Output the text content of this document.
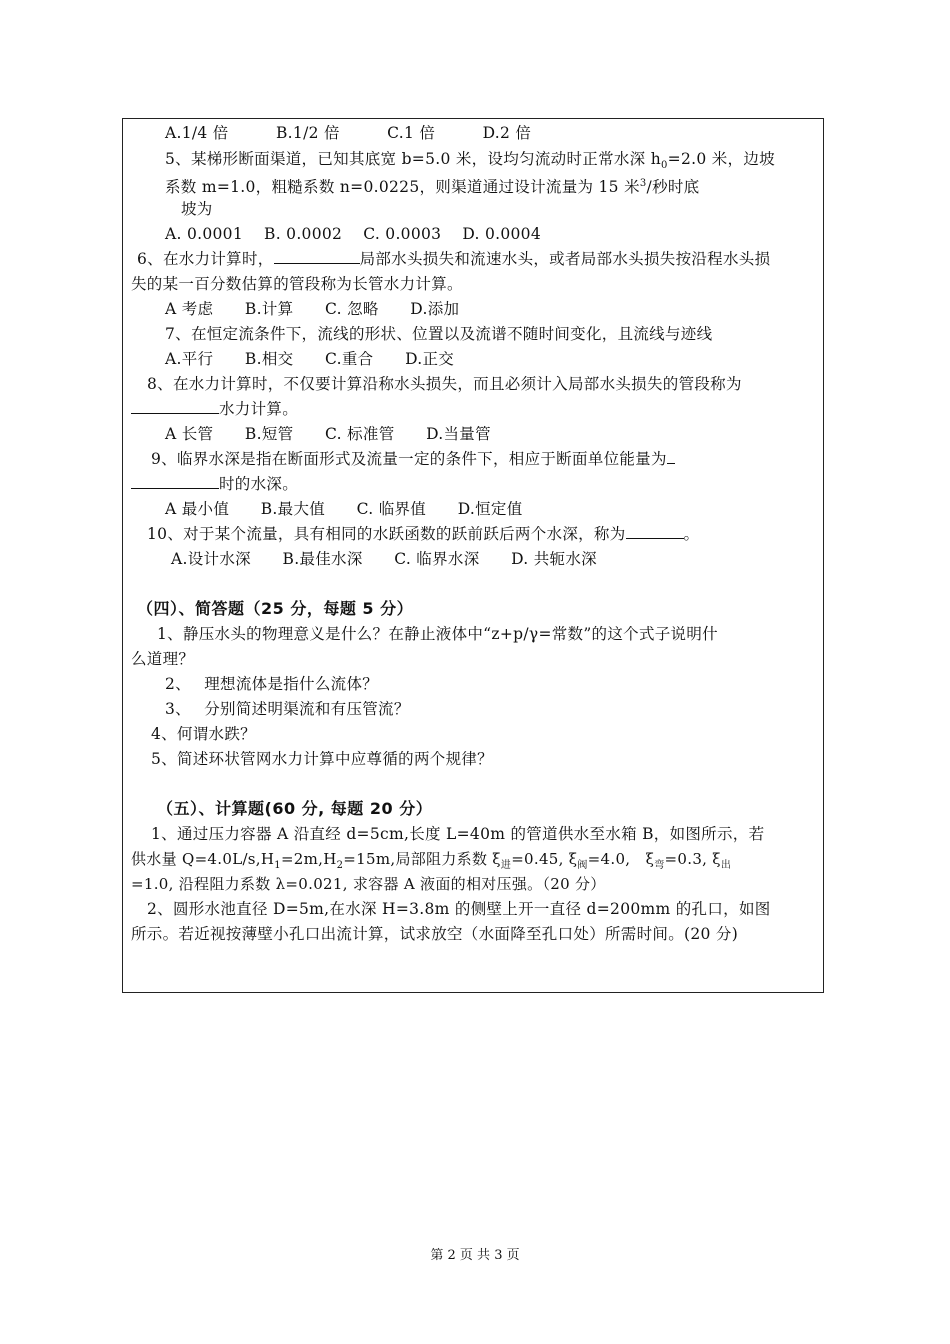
A.1/4 倍　　　B.1/2 倍　　　C.1 倍　　　D.2 倍
5、某梯形断面渠道，已知其底宽 b=5.0 米，设均匀流动时正常水深 $h_0=2.0$ 米，边坡
系数 m=1.0，粗糙系数 n=0.0225，则渠道通过设计流量为 15 米$^3$/秒时底
坡为
A. 0.0001　 B. 0.0002　 C. 0.0003　 D. 0.0004
6、在水力计算时，	局部水头损失和流速水头，或者局部水头损失按沿程水头损
失的某一百分数估算的管段称为长管水力计算。
A 考虑　　B.计算　　C. 忽略　　D.添加
7、在恒定流条件下，流线的形状、位置以及流谱不随时间变化，且流线与迹线
A.平行　　B.相交　　C.重合　　D.正交
8、在水力计算时，不仅要计算沿称水头损失，而且必须计入局部水头损失的管段称为
水力计算。
A 长管　　B.短管　　C. 标准管　　D.当量管
9、临界水深是指在断面形式及流量一定的条件下，相应于断面单位能量为
时的水深。
A 最小值　　B.最大值　　C. 临界值　　D.恒定值
10、对于某个流量，具有相同的水跃函数的跃前跃后两个水深，称为	。
A.设计水深　　B.最佳水深　　C. 临界水深　　D. 共轭水深
（四）、简答题（25 分，每题 5 分）
1、静压水头的物理意义是什么？在静止液体中“z+p/γ=常数”的这个式子说明什
么道理？
2、　 理想流体是指什么流体？
3、　 分别简述明渠流和有压管流？
4、何谓水跌？
5、简述环状管网水力计算中应尊循的两个规律？
（五）、计算题(60 分, 每题 20 分）
1、通过压力容器 A 沿直经 d=5cm,长度 L=40m 的管道供水至水箱 B，如图所示，若
供水量 $Q=4.0L/s,H_1=2m,H_2=15m$,局部阻力系数 $\xi_进=0.45$, $\xi_阀=4.0$,　$\xi_弯=0.3$, $\xi_出$
=1.0, 沿程阻力系数 λ=0.021, 求容器 A 液面的相对压强。（20 分）
2、圆形水池直径 D=5m,在水深 H=3.8m 的侧壁上开一直径 d=200mm 的孔口，如图
所示。若近视按薄壁小孔口出流计算，试求放空（水面降至孔口处）所需时间。(20 分)
第 2 页 共 3 页
